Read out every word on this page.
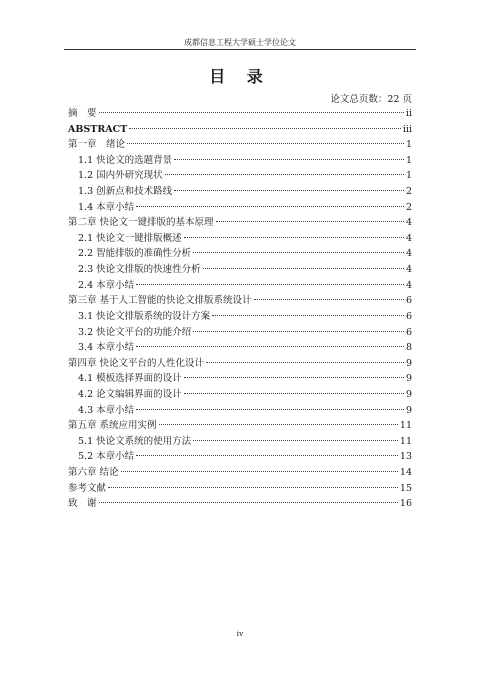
成都信息工程大学硕士学位论文
目 录
论文总页数：22 页
摘　要	ii
ABSTRACT	iii
第一章　绪论	1
1.1 快论文的选题背景	1
1.2 国内外研究现状	1
1.3 创新点和技术路线	2
1.4 本章小结	2
第二章 快论文一键排版的基本原理	4
2.1 快论文一键排版概述	4
2.2 智能排版的准确性分析	4
2.3 快论文排版的快速性分析	4
2.4 本章小结	4
第三章 基于人工智能的快论文排版系统设计	6
3.1 快论文排版系统的设计方案	6
3.2 快论文平台的功能介绍	6
3.4 本章小结	8
第四章 快论文平台的人性化设计	9
4.1 模板选择界面的设计	9
4.2 论文编辑界面的设计	9
4.3 本章小结	9
第五章 系统应用实例	11
5.1 快论文系统的使用方法	11
5.2 本章小结	13
第六章 结论	14
参考文献	15
致　谢	16
iv
